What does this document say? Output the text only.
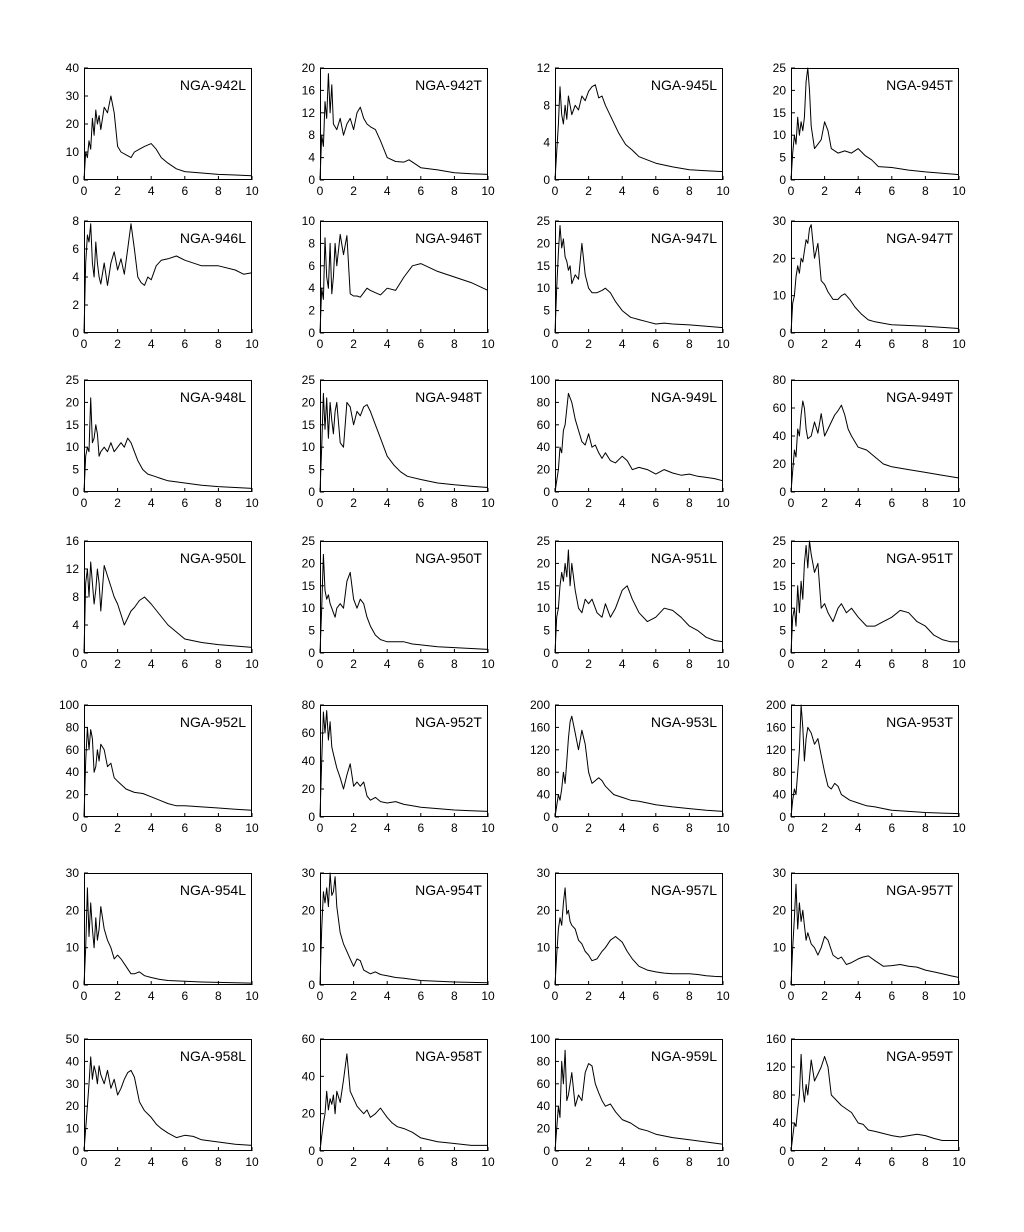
0 2 4 6 8 10
0
10
20
30
40
NGA-942L
0 2 4 6 8 10
0
4
8
12
16
20
NGA-942T
0 2 4 6 8 10
0
4
8
12
NGA-945L
0 2 4 6 8 10
0
5
10
15
20
25
NGA-945T
0 2 4 6 8 10
0
2
4
6
8
NGA-946L
0 2 4 6 8 10
0
2
4
6
8
10
NGA-946T
0 2 4 6 8 10
0
5
10
15
20
25
NGA-947L
0 2 4 6 8 10
0
10
20
30
NGA-947T
0 2 4 6 8 10
0
5
10
15
20
25
NGA-948L
0 2 4 6 8 10
0
5
10
15
20
25
NGA-948T
0 2 4 6 8 10
0
20
40
60
80
100
NGA-949L
0 2 4 6 8 10
0
20
40
60
80
NGA-949T
0 2 4 6 8 10
0
4
8
12
16
NGA-950L
0 2 4 6 8 10
0
5
10
15
20
25
NGA-950T
0 2 4 6 8 10
0
5
10
15
20
25
NGA-951L
0 2 4 6 8 10
0
5
10
15
20
25
NGA-951T
0 2 4 6 8 10
0
20
40
60
80
100
NGA-952L
0 2 4 6 8 10
0
20
40
60
80
NGA-952T
0 2 4 6 8 10
0
40
80
120
160
200
NGA-953L
0 2 4 6 8 10
0
40
80
120
160
200
NGA-953T
0 2 4 6 8 10
0
10
20
30
NGA-954L
0 2 4 6 8 10
0
10
20
30
NGA-954T
0 2 4 6 8 10
0
10
20
30
NGA-957L
0 2 4 6 8 10
0
10
20
30
NGA-957T
0 2 4 6 8 10
0
10
20
30
40
50
NGA-958L
0 2 4 6 8 10
0
20
40
60
NGA-958T
0 2 4 6 8 10
0
20
40
60
80
100
NGA-959L
0 2 4 6 8 10
0
40
80
120
160
NGA-959T
